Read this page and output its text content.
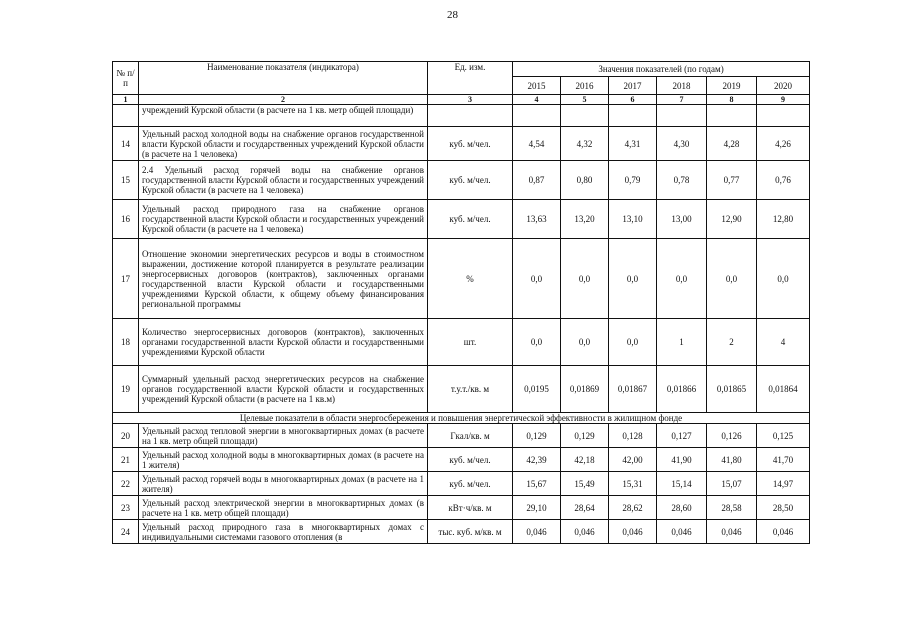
28
№ п/п	Наименование показателя (индикатора)	Ед. изм.	Значения показателей (по годам)					
			2015	2016	2017	2018	2019	2020
1	2	3	4	5	6	7	8	9
	учреждений Курской области (в расчете на 1 кв. метр общей площади)							
14	Удельный расход холодной воды на снабжение органов государственной власти Курской области и государственных учреждений Курской области (в расчете на 1 человека)	куб. м/чел.	4,54	4,32	4,31	4,30	4,28	4,26
15	2.4 Удельный расход горячей воды на снабжение органов государственной власти Курской области и государственных учреждений Курской области (в расчете на 1 человека)	куб. м/чел.	0,87	0,80	0,79	0,78	0,77	0,76
16	Удельный расход природного газа на снабжение органов государственной власти Курской области и государственных учреждений Курской области (в расчете на 1 человека)	куб. м/чел.	13,63	13,20	13,10	13,00	12,90	12,80
17	Отношение экономии энергетических ресурсов и воды в стоимостном выражении, достижение которой планируется в результате реализации энергосервисных договоров (контрактов), заключенных органами государственной власти Курской области и государственными учреждениями Курской области, к общему объему финансирования региональной программы	%	0,0	0,0	0,0	0,0	0,0	0,0
18	Количество энергосервисных договоров (контрактов), заключенных органами государственной власти Курской области и государственными учреждениями Курской области	шт.	0,0	0,0	0,0	1	2	4
19	Суммарный удельный расход энергетических ресурсов на снабжение органов государственной власти Курской области и государственных учреждений Курской области (в расчете на 1 кв.м)	т.у.т./кв. м	0,0195	0,01869	0,01867	0,01866	0,01865	0,01864
Целевые показатели в области энергосбережения и повышения энергетической эффективности в жилищном фонде								
20	Удельный расход тепловой энергии в многоквартирных домах (в расчете на 1 кв. метр общей площади)	Гкал/кв. м	0,129	0,129	0,128	0,127	0,126	0,125
21	Удельный расход холодной воды в многоквартирных домах (в расчете на 1 жителя)	куб. м/чел.	42,39	42,18	42,00	41,90	41,80	41,70
22	Удельный расход горячей воды в многоквартирных домах (в расчете на 1 жителя)	куб. м/чел.	15,67	15,49	15,31	15,14	15,07	14,97
23	Удельный расход электрической энергии в многоквартирных домах (в расчете на 1 кв. метр общей площади)	кВт·ч/кв. м	29,10	28,64	28,62	28,60	28,58	28,50
24	Удельный расход природного газа в многоквартирных домах с индивидуальными системами газового отопления (в	тыс. куб. м/кв. м	0,046	0,046	0,046	0,046	0,046	0,046
